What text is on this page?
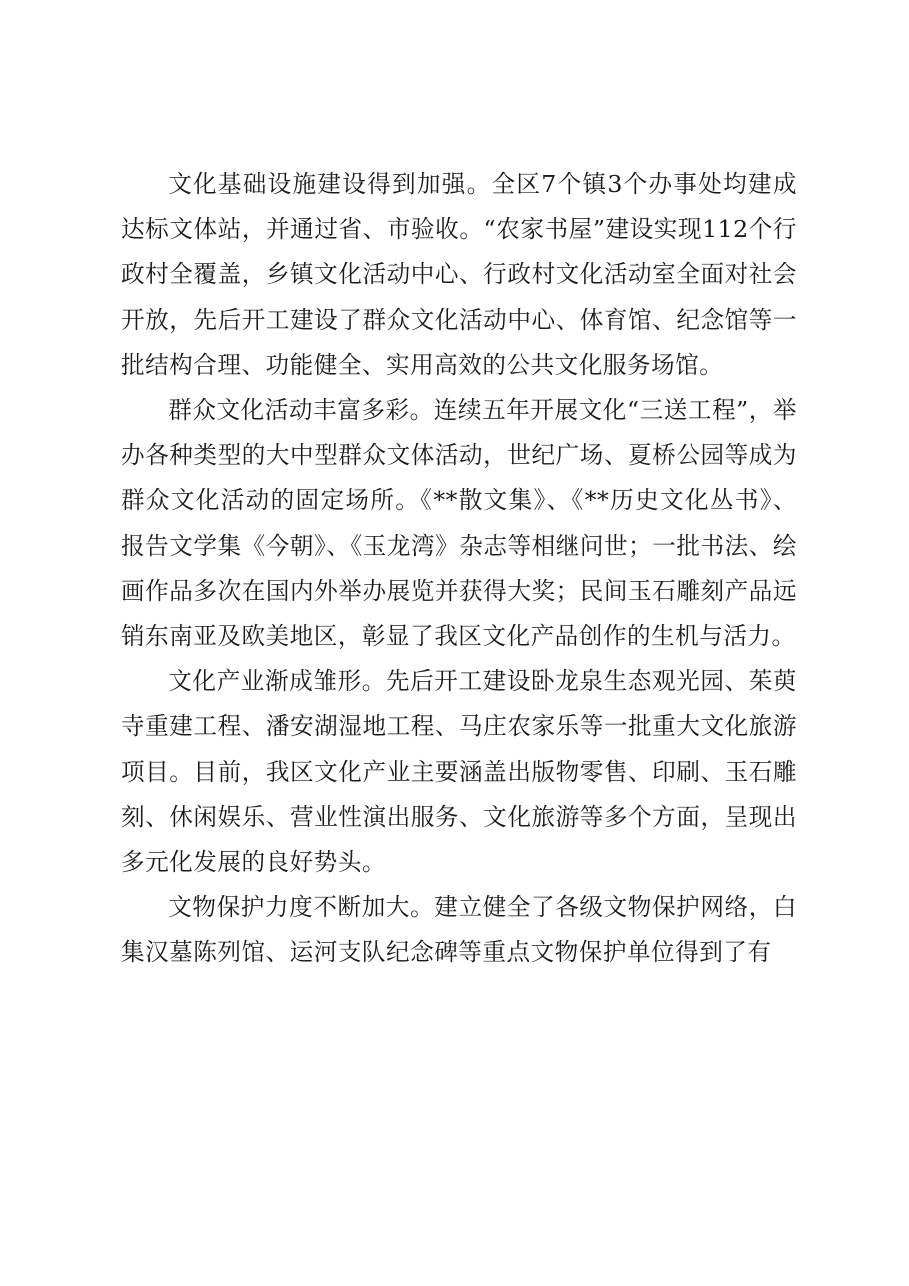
文化基础设施建设得到加强。全区7个镇3个办事处均建成达标文体站，并通过省、市验收。“农家书屋”建设实现112个行政村全覆盖，乡镇文化活动中心、行政村文化活动室全面对社会开放，先后开工建设了群众文化活动中心、体育馆、纪念馆等一批结构合理、功能健全、实用高效的公共文化服务场馆。

群众文化活动丰富多彩。连续五年开展文化“三送工程”，举办各种类型的大中型群众文体活动，世纪广场、夏桥公园等成为群众文化活动的固定场所。《**散文集》、《**历史文化丛书》、报告文学集《今朝》、《玉龙湾》杂志等相继问世；一批书法、绘画作品多次在国内外举办展览并获得大奖；民间玉石雕刻产品远销东南亚及欧美地区，彰显了我区文化产品创作的生机与活力。

文化产业渐成雏形。先后开工建设卧龙泉生态观光园、茱萸寺重建工程、潘安湖湿地工程、马庄农家乐等一批重大文化旅游项目。目前，我区文化产业主要涵盖出版物零售、印刷、玉石雕刻、休闲娱乐、营业性演出服务、文化旅游等多个方面，呈现出多元化发展的良好势头。

文物保护力度不断加大。建立健全了各级文物保护网络，白集汉墓陈列馆、运河支队纪念碑等重点文物保护单位得到了有
